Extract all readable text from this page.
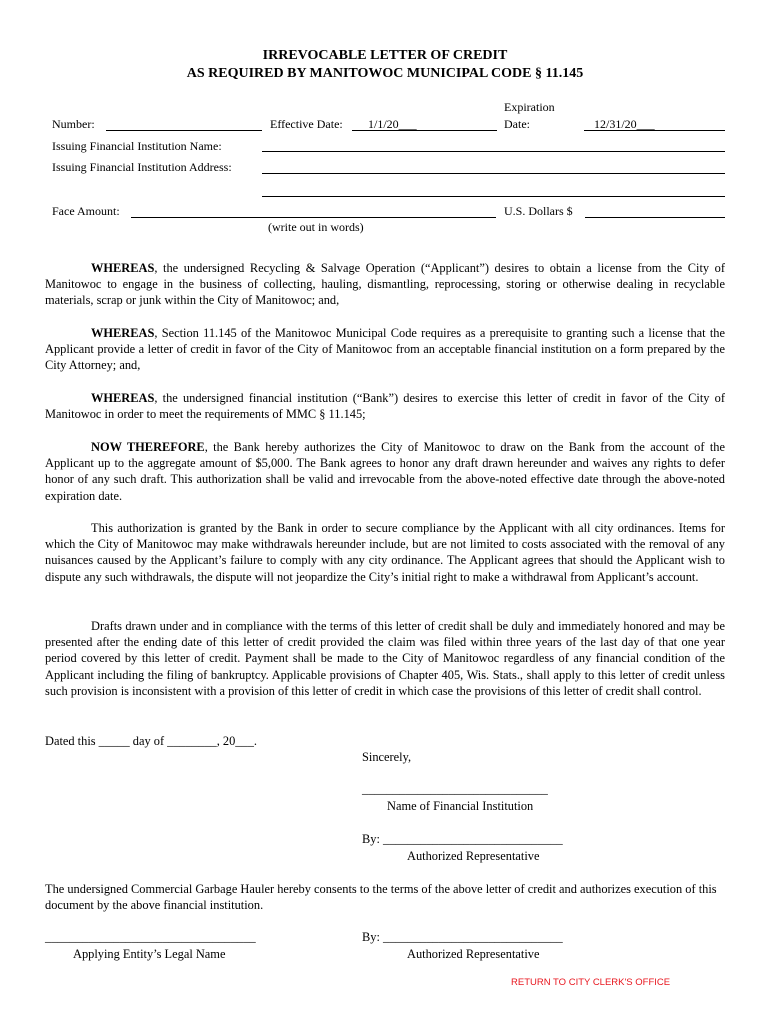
IRREVOCABLE LETTER OF CREDIT
AS REQUIRED BY MANITOWOC MUNICIPAL CODE § 11.145
Expiration
Number:	Effective Date: 1/1/20___	Date:	12/31/20___
Issuing Financial Institution Name:
Issuing Financial Institution Address:
Face Amount:	U.S. Dollars $
(write out in words)
WHEREAS, the undersigned Recycling & Salvage Operation (“Applicant”) desires to obtain a license from the City of Manitowoc to engage in the business of collecting, hauling, dismantling, reprocessing, storing or otherwise dealing in recyclable materials, scrap or junk within the City of Manitowoc; and,
WHEREAS, Section 11.145 of the Manitowoc Municipal Code requires as a prerequisite to granting such a license that the Applicant provide a letter of credit in favor of the City of Manitowoc from an acceptable financial institution on a form prepared by the City Attorney; and,
WHEREAS, the undersigned financial institution (“Bank”) desires to exercise this letter of credit in favor of the City of Manitowoc in order to meet the requirements of MMC § 11.145;
NOW THEREFORE, the Bank hereby authorizes the City of Manitowoc to draw on the Bank from the account of the Applicant up to the aggregate amount of $5,000. The Bank agrees to honor any draft drawn hereunder and waives any rights to defer honor of any such draft. This authorization shall be valid and irrevocable from the above-noted effective date through the above-noted expiration date.
This authorization is granted by the Bank in order to secure compliance by the Applicant with all city ordinances. Items for which the City of Manitowoc may make withdrawals hereunder include, but are not limited to costs associated with the removal of any nuisances caused by the Applicant’s failure to comply with any city ordinance. The Applicant agrees that should the Applicant wish to dispute any such withdrawals, the dispute will not jeopardize the City’s initial right to make a withdrawal from Applicant’s account.
Drafts drawn under and in compliance with the terms of this letter of credit shall be duly and immediately honored and may be presented after the ending date of this letter of credit provided the claim was filed within three years of the last day of that one year period covered by this letter of credit. Payment shall be made to the City of Manitowoc regardless of any financial condition of the Applicant including the filing of bankruptcy. Applicable provisions of Chapter 405, Wis. Stats., shall apply to this letter of credit unless such provision is inconsistent with a provision of this letter of credit in which case the provisions of this letter of credit shall control.
Dated this _____ day of ________, 20___.
Sincerely,
______________________________
Name of Financial Institution
By: _____________________________
Authorized Representative
The undersigned Commercial Garbage Hauler hereby consents to the terms of the above letter of credit and authorizes execution of this document by the above financial institution.
__________________________________
Applying Entity’s Legal Name
By: _____________________________
Authorized Representative
RETURN TO CITY CLERK'S OFFICE
